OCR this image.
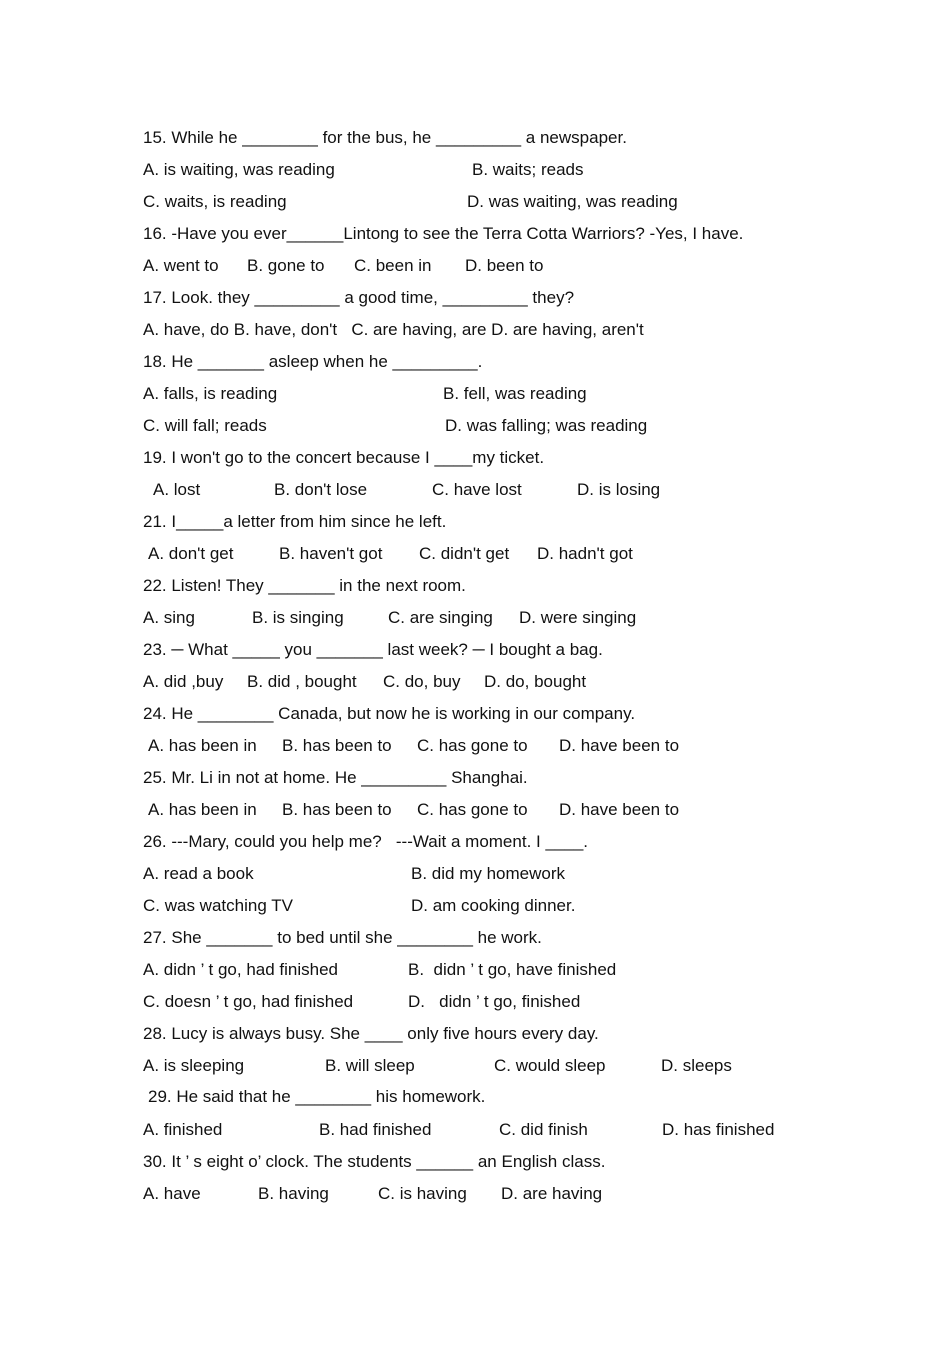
15. While he ________ for the bus, he _________ a newspaper.
A. is waiting, was reading	B. waits; reads
C. waits, is reading	D. was waiting, was reading
16. -Have you ever______Lintong to see the Terra Cotta Warriors? -Yes, I have.
A. went to B. gone to C. been in D. been to
17. Look. they _________ a good time, _________ they?
A. have, do B. have, don't   C. are having, are D. are having, aren't
18. He _______ asleep when he _________.
A. falls, is reading	B. fell, was reading
C. will fall; reads	D. was falling; was reading
19. I won't go to the concert because I ____my ticket.
A. lost	B. don't lose	C. have lost	D. is losing
21. I_____a letter from him since he left.
A. don't get	B. haven't got C. didn't get D. hadn't got
22. Listen! They _______ in the next room.
A. sing	B. is singing	C. are singing D. were singing
23. ─ What _____ you _______ last week? ─ I bought a bag.
A. did ,buy B. did , bought C. do, buy D. do, bought
24. He ________ Canada, but now he is working in our company.
A. has been in B. has been to C. has gone to D. have been to
25. Mr. Li in not at home. He _________ Shanghai.
A. has been in B. has been to C. has gone to D. have been to
26. ---Mary, could you help me?   ---Wait a moment. I ____.
A. read a book	B. did my homework
C. was watching TV	D. am cooking dinner.
27. She _______ to bed until she ________ he work.
A. didn ’ t go, had finished	B.  didn ’ t go, have finished
C. doesn ’ t go, had finished	D.   didn ’ t go, finished
28. Lucy is always busy. She ____ only five hours every day.
A. is sleeping	B. will sleep	C. would sleep	D. sleeps
29. He said that he ________ his homework.
A. finished	B. had finished	C. did finish	D. has finished
30. It ’ s eight o’ clock. The students ______ an English class.
A. have	B. having	C. is having D. are having
